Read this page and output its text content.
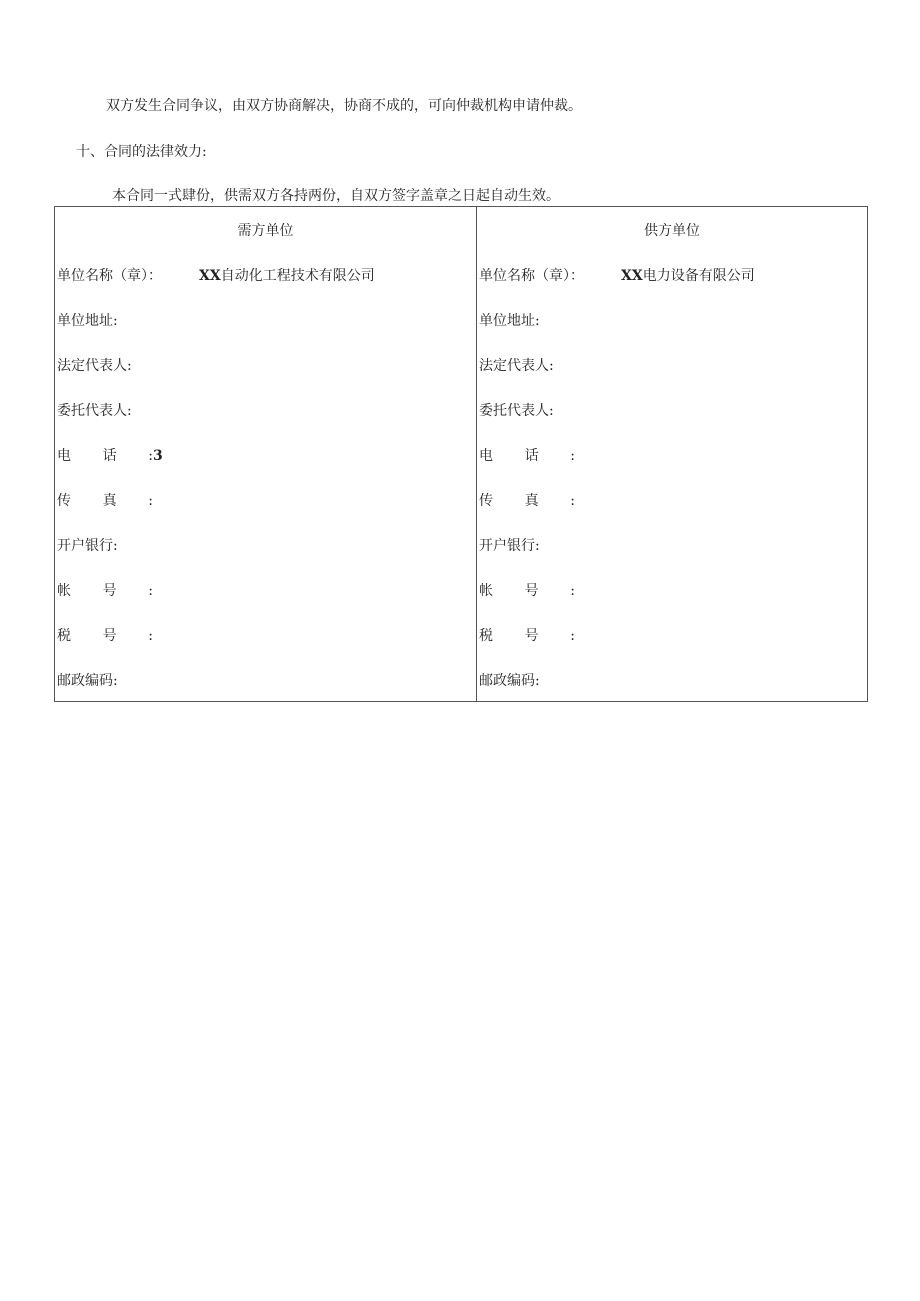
双方发生合同争议，由双方协商解决，协商不成的，可向仲裁机构申请仲裁。

十、合同的法律效力:

本合同一式肆份，供需双方各持两份，自双方签字盖章之日起自动生效。

需方单位
单位名称（章）：	XX自动化工程技术有限公司
单位地址:
法定代表人:
委托代表人:
电话:3
传真:
开户银行:
帐号:
税号:
邮政编码:

供方单位
单位名称（章）：	XX电力设备有限公司
单位地址:
法定代表人:
委托代表人:
电话:
传真:
开户银行:
帐号:
税号:
邮政编码:
